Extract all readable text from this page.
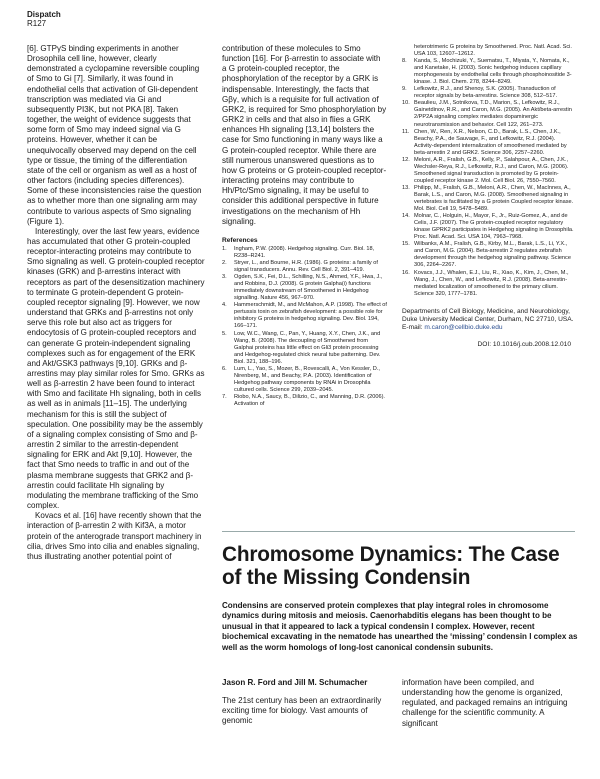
Dispatch
R127

[6]. GTPγS binding experiments in another Drosophila cell line, however, clearly demonstrated a cyclopamine reversible coupling of Smo to Gi [7]. Similarly, it was found in endothelial cells that activation of Gli-dependent transcription was mediated via Gi and subsequently PI3K, but not PKA [8]. Taken together, the weight of evidence suggests that some form of Smo may indeed signal via G proteins. However, whether it can be unequivocally observed may depend on the cell type or tissue, the timing of the differentiation state of the cell or organism as well as a host of other factors (including species differences). Some of these inconsistencies raise the question as to whether more than one signaling arm may contribute to various aspects of Smo signaling (Figure 1).

Interestingly, over the last few years, evidence has accumulated that other G protein-coupled receptor-interacting proteins may contribute to Smo signaling as well. G protein-coupled receptor kinases (GRK) and β-arrestins interact with receptors as part of the desensitization machinery to terminate G protein-dependent G protein-coupled receptor signaling [9]. However, we now understand that GRKs and β-arrestins not only serve this role but also act as triggers for endocytosis of G protein-coupled receptors and can generate G protein-independent signaling complexes such as for engagement of the ERK and Akt/GSK3 pathways [9,10]. GRKs and β-arrestins may play similar roles for Smo. GRKs as well as β-arrestin 2 have been found to interact with Smo and facilitate Hh signaling, both in cells as well as in animals [11–15]. The underlying mechanism for this is still the subject of speculation. One possibility may be the assembly of a signaling complex consisting of Smo and β-arrestin 2 similar to the arrestin-dependent signaling for ERK and Akt [9,10]. However, the fact that Smo needs to traffic in and out of the plasma membrane suggests that GRK2 and β-arrestin could facilitate Hh signaling by modulating the membrane trafficking of the Smo complex.

Kovacs et al. [16] have recently shown that the interaction of β-arrestin 2 with Kif3A, a motor protein of the anterograde transport machinery in cilia, drives Smo into cilia and enables signaling, thus illustrating another potential point of

contribution of these molecules to Smo function [16]. For β-arrestin to associate with a G protein-coupled receptor, the phosphorylation of the receptor by a GRK is indispensable. Interestingly, the facts that Gβγ, which is a requisite for full activation of GRK2, is required for Smo phosphorylation by GRK2 in cells and that also in flies a GRK enhances Hh signaling [13,14] bolsters the case for Smo functioning in many ways like a G protein-coupled receptor. While there are still numerous unanswered questions as to how G proteins or G protein-coupled receptor-interacting proteins may contribute to Hh/Ptc/Smo signaling, it may be useful to consider this additional perspective in future investigations on the mechanism of Hh signaling.

References
1.	Ingham, P.W. (2008). Hedgehog signaling. Curr. Biol. 18, R238–R241.
2.	Stryer, L., and Bourne, H.R. (1986). G proteins: a family of signal transducers. Annu. Rev. Cell Biol. 2, 391–419.
3.	Ogden, S.K., Fei, D.L., Schilling, N.S., Ahmed, Y.F., Hwa, J., and Robbins, D.J. (2008). G protein Galpha(i) functions immediately downstream of Smoothened in Hedgehog signalling. Nature 456, 967–970.
4.	Hammerschmidt, M., and McMahon, A.P. (1998). The effect of pertussis toxin on zebrafish development: a possible role for inhibitory G proteins in hedgehog signaling. Dev. Biol. 194, 166–171.
5.	Low, W.C., Wang, C., Pan, Y., Huang, X.Y., Chen, J.K., and Wang, B. (2008). The decoupling of Smoothened from Galphai proteins has little effect on Gli3 protein processing and Hedgehog-regulated chick neural tube patterning. Dev. Biol. 321, 188–196.
6.	Lum, L., Yao, S., Mozer, B., Rovescalli, A., Von Kessler, D., Nirenberg, M., and Beachy, P.A. (2003). Identification of Hedgehog pathway components by RNAi in Drosophila cultured cells. Science 299, 2039–2045.
7.	Riobo, N.A., Saucy, B., Dilizio, C., and Manning, D.R. (2006). Activation of
heterotrimeric G proteins by Smoothened. Proc. Natl. Acad. Sci. USA 103, 12607–12612.
8.	Kanda, S., Mochizuki, Y., Suematsu, T., Miyata, Y., Nomata, K., and Kanetake, H. (2003). Sonic hedgehog induces capillary morphogenesis by endothelial cells through phosphoinositide 3-kinase. J. Biol. Chem. 278, 8244–8249.
9.	Lefkowitz, R.J., and Shenoy, S.K. (2005). Transduction of receptor signals by beta-arrestins. Science 308, 512–517.
10. Beaulieu, J.M., Sotnikova, T.D., Marion, S., Lefkowitz, R.J., Gainetdinov, R.R., and Caron, M.G. (2005). An Akt/beta-arrestin 2/PP2A signaling complex mediates dopaminergic neurotransmission and behavior. Cell 122, 261–273.
11. Chen, W., Ren, X.R., Nelson, C.D., Barak, L.S., Chen, J.K., Beachy, P.A., de Sauvage, F., and Lefkowitz, R.J. (2004). Activity-dependent internalization of smoothened mediated by beta-arrestin 2 and GRK2. Science 306, 2257–2260.
12. Meloni, A.R., Fralish, G.B., Kelly, P., Salahpour, A., Chen, J.K., Wechsler-Reya, R.J., Lefkowitz, R.J., and Caron, M.G. (2006). Smoothened signal transduction is promoted by G protein-coupled receptor kinase 2. Mol. Cell Biol. 26, 7550–7560.
13. Philipp, M., Fralish, G.B., Meloni, A.R., Chen, W., MacInnes, A., Barak, L.S., and Caron, M.G. (2008). Smoothened signaling in vertebrates is facilitated by a G protein Coupled receptor kinase. Mol. Biol. Cell 19, 5478–5489.
14. Molnar, C., Holguin, H., Mayor, F., Jr., Ruiz-Gomez, A., and de Celis, J.F. (2007). The G protein-coupled receptor regulatory kinase GPRK2 participates in Hedgehog signaling in Drosophila. Proc. Natl. Acad. Sci. USA 104, 7963–7968.
15. Wilbanks, A.M., Fralish, G.B., Kirby, M.L., Barak, L.S., Li, Y.X., and Caron, M.G. (2004). Beta-arrestin 2 regulates zebrafish development through the hedgehog signaling pathway. Science 306, 2264–2267.
16. Kovacs, J.J., Whalen, E.J., Liu, R., Xiao, K., Kim, J., Chen, M., Wang, J., Chen, W., and Lefkowitz, R.J. (2008). Beta-arrestin-mediated localization of smoothened to the primary cilium. Science 320, 1777–1781.
Departments of Cell Biology, Medicine, and Neurobiology, Duke University Medical Center, Durham, NC 27710, USA.
E-mail: m.caron@cellbio.duke.edu
DOI: 10.1016/j.cub.2008.12.010
Chromosome Dynamics: The Case of the Missing Condensin
Condensins are conserved protein complexes that play integral roles in chromosome dynamics during mitosis and meiosis. Caenorhabditis elegans has been thought to be unusual in that it appeared to lack a typical condensin I complex. However, recent biochemical excavating in the nematode has unearthed the ‘missing’ condensin I complex as well as the worm homologs of long-lost canonical condensin subunits.
Jason R. Ford and Jill M. Schumacher
The 21st century has been an extraordinarily exciting time for biology. Vast amounts of genomic
information have been compiled, and understanding how the genome is organized, regulated, and packaged remains an intriguing challenge for the scientific community. A significant
